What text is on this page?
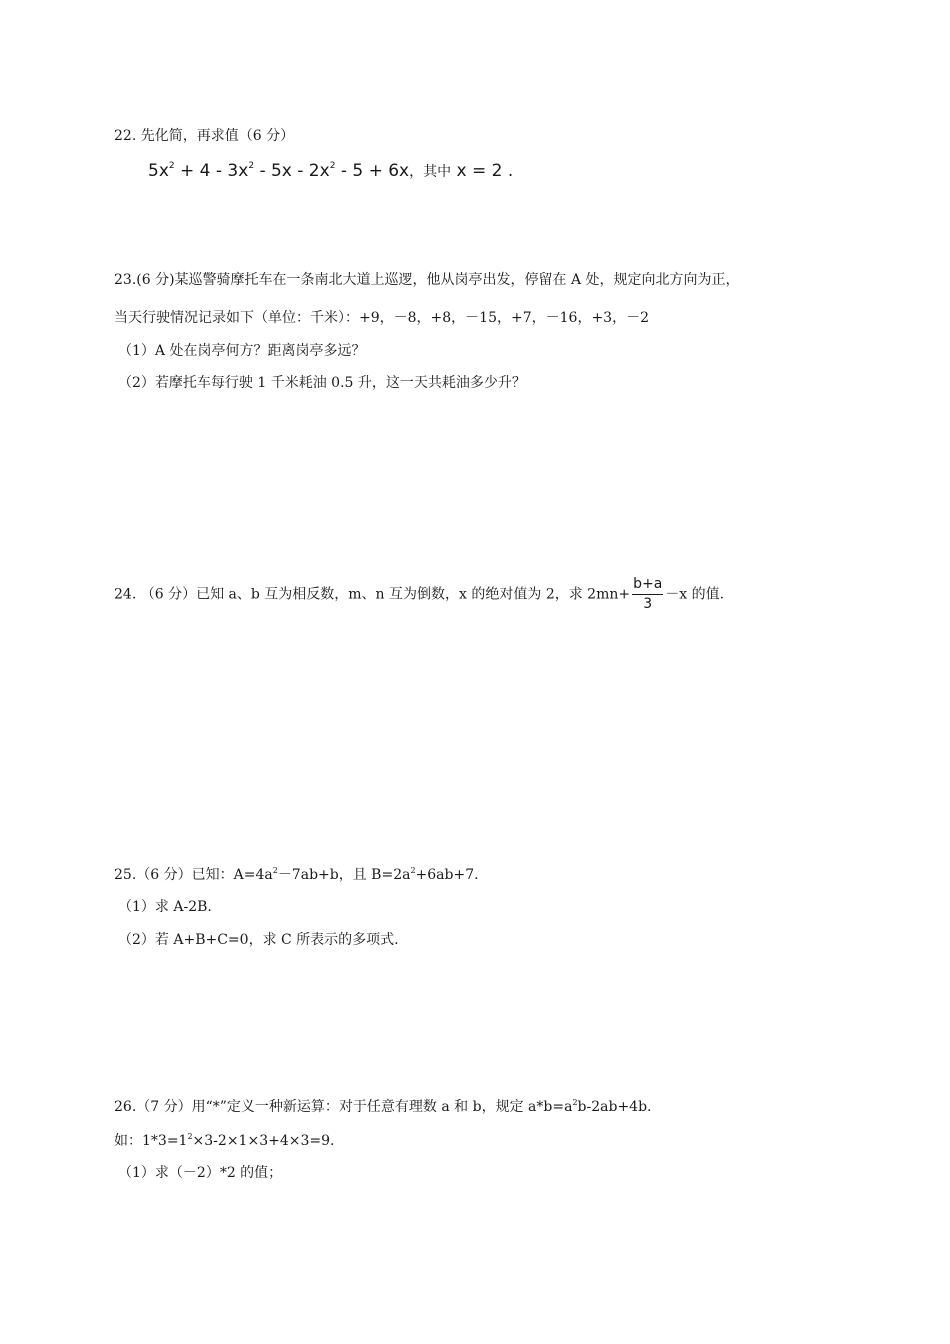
22. 先化简，再求值（6 分）
$5x^2 + 4 - 3x^2 - 5x - 2x^2 - 5 + 6x$，其中 x = 2 .
23.(6 分)某巡警骑摩托车在一条南北大道上巡逻，他从岗亭出发，停留在 A 处，规定向北方向为正，
当天行驶情况记录如下（单位：千米）：+9，－8，+8，－15，+7，－16，+3，－2
（1）A 处在岗亭何方？距离岗亭多远？
（2）若摩托车每行驶 1 千米耗油 0.5 升，这一天共耗油多少升？
24. （6 分）已知 a、b 互为相反数，m、n 互为倒数，x 的绝对值为 2，求 $2mn+ \frac{b+a}{3} -x$ 的值.
25.（6 分）已知：$A=4a^2-7ab+b$，且 $B=2a^2+6ab+7$.
（1）求 A-2B.
（2）若 A+B+C=0，求 C 所表示的多项式.
26.（7 分）用“*”定义一种新运算：对于任意有理数 a 和 b，规定 $a*b=a^2b-2ab+4b$.
如：$1*3=1^2\times 3-2\times 1\times 3+4\times 3=9$.
（1）求（－2）*2 的值；
